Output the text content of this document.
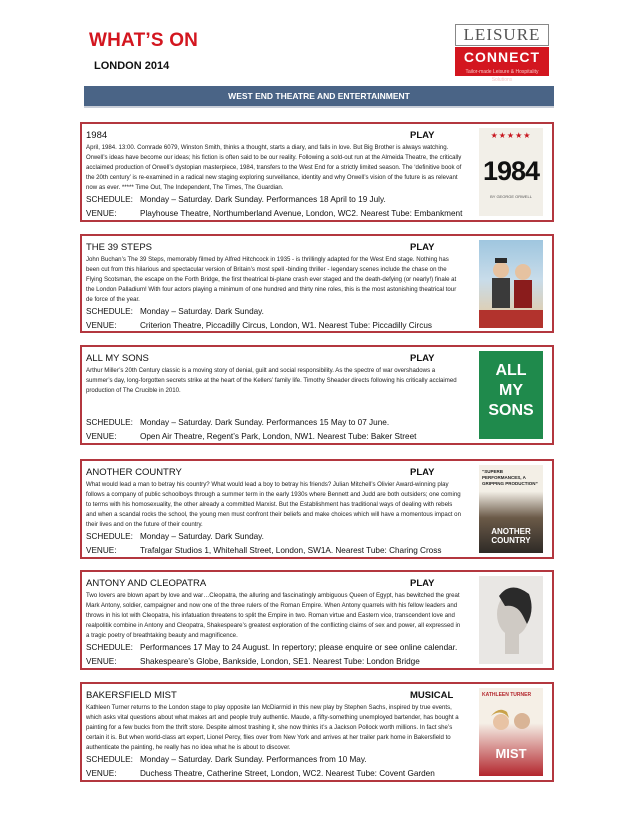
WHAT’S ON
LONDON 2014
LEISURE
CONNECT
Tailor-made Leisure & Hospitality Solutions
WEST END THEATRE AND ENTERTAINMENT
1984	PLAY
April, 1984. 13:00. Comrade 6079, Winston Smith, thinks a thought, starts a diary, and falls in love. But Big Brother is always watching. Orwell’s ideas have become our ideas; his fiction is often said to be our reality. Following a sold-out run at the Almeida Theatre, the critically acclaimed production of Orwell’s dystopian masterpiece, 1984, transfers to the West End for a strictly limited season. The ‘definitive book of the 20th century’ is re-examined in a radical new staging exploring surveillance, identity and why Orwell’s vision of the future is as relevant now as ever. ***** Time Out, The Independent, The Times, The Guardian.
SCHEDULE: Monday – Saturday. Dark Sunday. Performances 18 April to 19 July.
VENUE:	Playhouse Theatre, Northumberland Avenue, London, WC2. Nearest Tube: Embankment
★★★★★
1984
BY GEORGE ORWELL
THE 39 STEPS	PLAY
John Buchan’s The 39 Steps, memorably filmed by Alfred Hitchcock in 1935 - is thrillingly adapted for the West End stage. Nothing has been cut from this hilarious and spectacular version of Britain’s most spell -binding thriller - legendary scenes include the chase on the Flying Scotsman, the escape on the Forth Bridge, the first theatrical bi-plane crash ever staged and the death-defying (or nearly!) finale at the London Palladium! With four actors playing a minimum of one hundred and thirty nine roles, this is the most astonishing theatrical tour de force of the year.
SCHEDULE: Monday – Saturday. Dark Sunday.
VENUE:	Criterion Theatre, Piccadilly Circus, London, W1. Nearest Tube: Piccadilly Circus
ALL MY SONS	PLAY
Arthur Miller’s 20th Century classic is a moving story of denial, guilt and social responsibility. As the spectre of war overshadows a summer’s day, long-forgotten secrets strike at the heart of the Kellers’ family life. Timothy Sheader directs following his critically acclaimed production of The Crucible in 2010.
SCHEDULE: Monday – Saturday. Dark Sunday. Performances 15 May to 07 June.
VENUE:	Open Air Theatre, Regent’s Park, London, NW1. Nearest Tube: Baker Street
ALL MY SONS
ANOTHER COUNTRY	PLAY
What would lead a man to betray his country? What would lead a boy to betray his friends? Julian Mitchell’s Olivier Award-winning play follows a company of public schoolboys through a summer term in the early 1930s where Bennett and Judd are both outsiders; one coming to terms with his homosexuality, the other already a committed Marxist. But the Establishment has traditional ways of dealing with rebels and when a scandal rocks the school, the young men must confront their beliefs and make choices which will have a momentous impact on their lives and on the future of their country.
SCHEDULE: Monday – Saturday. Dark Sunday.
VENUE:	Trafalgar Studios 1, Whitehall Street, London, SW1A. Nearest Tube: Charing Cross
“SUPERB PERFORMANCES, A GRIPPING PRODUCTION”
ANOTHER COUNTRY
ANTONY AND CLEOPATRA	PLAY
Two lovers are blown apart by love and war…Cleopatra, the alluring and fascinatingly ambiguous Queen of Egypt, has bewitched the great Mark Antony, soldier, campaigner and now one of the three rulers of the Roman Empire. When Antony quarrels with his fellow leaders and throws in his lot with Cleopatra, his infatuation threatens to split the Empire in two. Roman virtue and Eastern vice, transcendent love and realpolitik combine in Antony and Cleopatra, Shakespeare’s greatest exploration of the conflicting claims of sex and power, all expressed in a tragic poetry of breathtaking beauty and magnificence.
SCHEDULE: Performances 17 May to 24 August. In repertory; please enquire or see online calendar.
VENUE:	Shakespeare’s Globe, Bankside, London, SE1. Nearest Tube: London Bridge
BAKERSFIELD MIST	MUSICAL
Kathleen Turner returns to the London stage to play opposite Ian McDiarmid in this new play by Stephen Sachs, inspired by true events, which asks vital questions about what makes art and people truly authentic. Maude, a fifty-something unemployed bartender, has bought a painting for a few bucks from the thrift store. Despite almost trashing it, she now thinks it’s a Jackson Pollock worth millions. In fact she’s certain it is. But when world-class art expert, Lionel Percy, flies over from New York and arrives at her trailer park home in Bakersfield to authenticate the painting, he really has no idea what he is about to discover.
SCHEDULE: Monday – Saturday. Dark Sunday. Performances from 10 May.
VENUE:	Duchess Theatre, Catherine Street, London, WC2. Nearest Tube: Covent Garden
KATHLEEN TURNER
MIST
